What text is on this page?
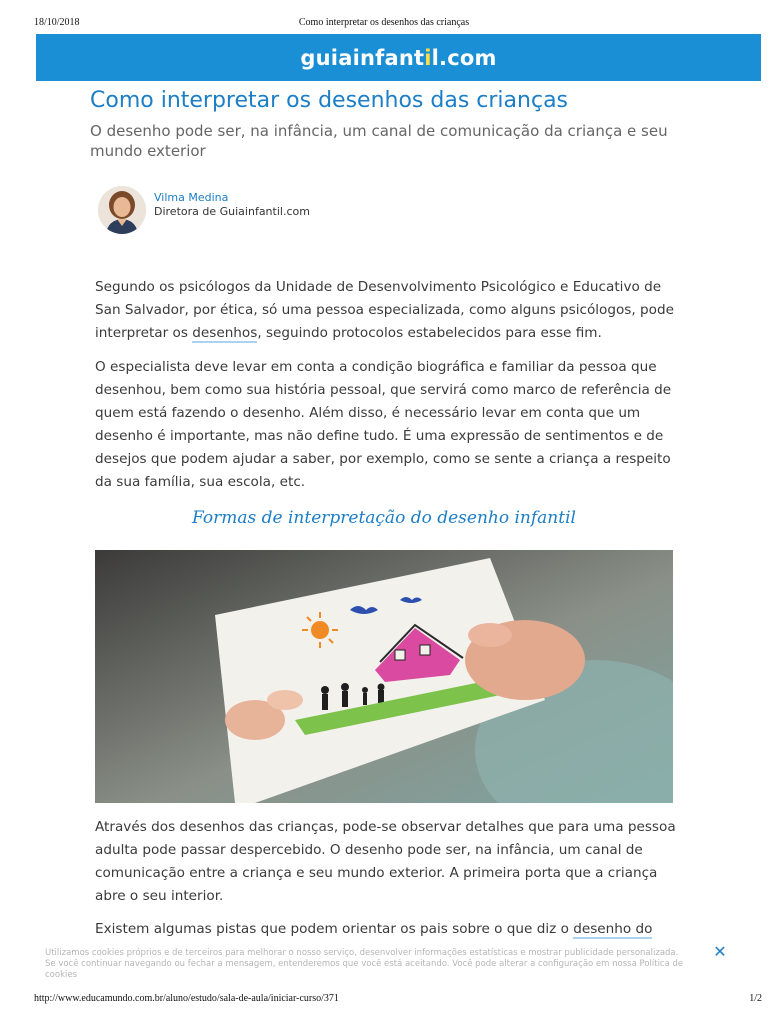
18/10/2018	Como interpretar os desenhos das crianças
guiainfantil.com
Como interpretar os desenhos das crianças

O desenho pode ser, na infância, um canal de comunicação da criança e seu mundo exterior

Vilma Medina
Diretora de Guiainfantil.com

Segundo os psicólogos da Unidade de Desenvolvimento Psicológico e Educativo de San Salvador, por ética, só uma pessoa especializada, como alguns psicólogos, pode interpretar os desenhos, seguindo protocolos estabelecidos para esse fim.

O especialista deve levar em conta a condição biográfica e familiar da pessoa que desenhou, bem como sua história pessoal, que servirá como marco de referência de quem está fazendo o desenho. Além disso, é necessário levar em conta que um desenho é importante, mas não define tudo. É uma expressão de sentimentos e de desejos que podem ajudar a saber, por exemplo, como se sente a criança a respeito da sua família, sua escola, etc.

Formas de interpretação do desenho infantil

Através dos desenhos das crianças, pode-se observar detalhes que para uma pessoa adulta pode passar despercebido. O desenho pode ser, na infância, um canal de comunicação entre a criança e seu mundo exterior. A primeira porta que a criança abre o seu interior.

Existem algumas pistas que podem orientar os pais sobre o que diz o desenho do

Utilizamos cookies próprios e de terceiros para melhorar o nosso serviço, desenvolver informações estatísticas e mostrar publicidade personalizada. Se você continuar navegando ou fechar a mensagem, entenderemos que você está aceitando. Você pode alterar a configuração em nossa Política de cookies
✕
http://www.educamundo.com.br/aluno/estudo/sala-de-aula/iniciar-curso/371	1/2
